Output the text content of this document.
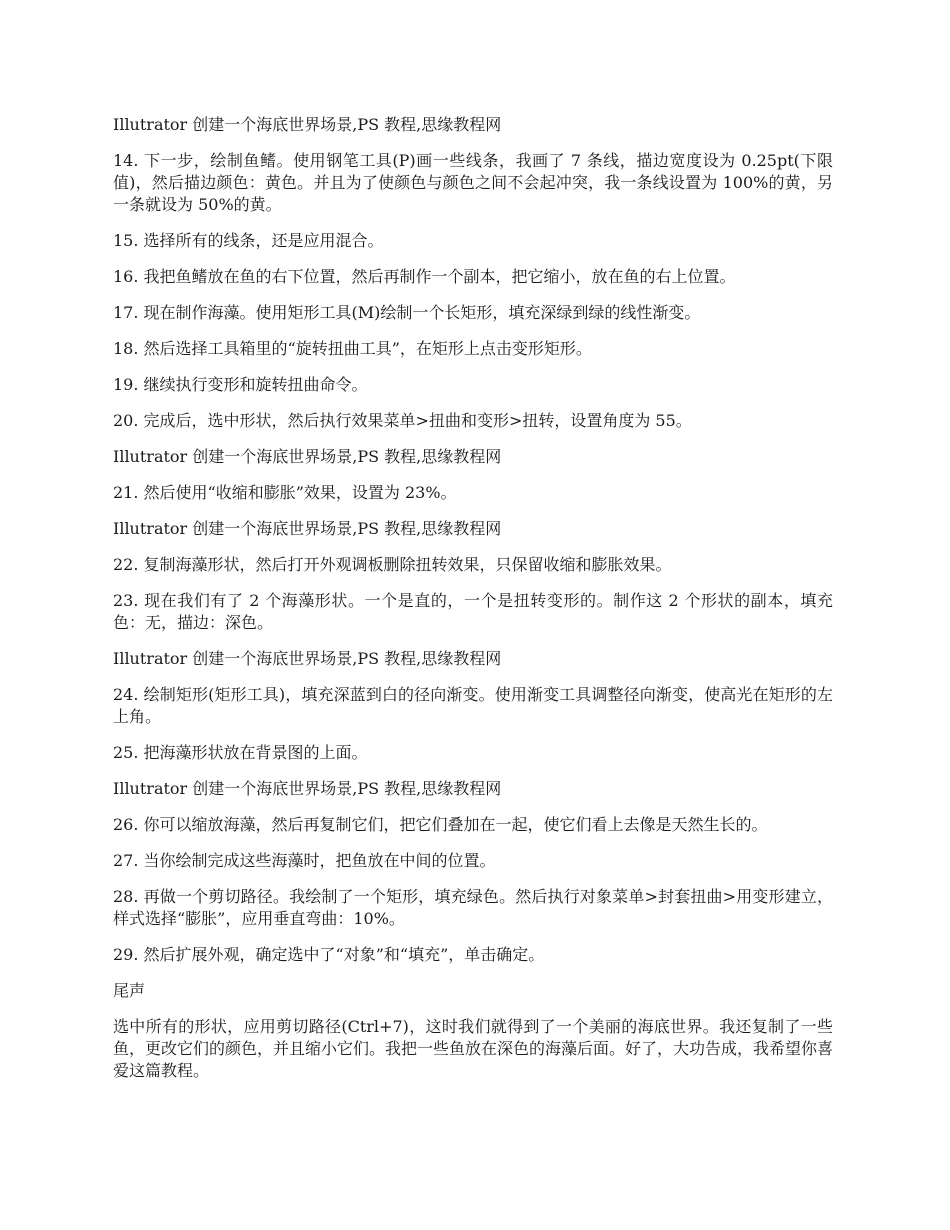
Illutrator 创建一个海底世界场景,PS 教程,思缘教程网

14. 下一步，绘制鱼鳍。使用钢笔工具(P)画一些线条，我画了 7 条线，描边宽度设为 0.25pt(下限值)，然后描边颜色：黄色。并且为了使颜色与颜色之间不会起冲突，我一条线设置为 100%的黄，另一条就设为 50%的黄。

15. 选择所有的线条，还是应用混合。

16. 我把鱼鳍放在鱼的右下位置，然后再制作一个副本，把它缩小，放在鱼的右上位置。

17. 现在制作海藻。使用矩形工具(M)绘制一个长矩形，填充深绿到绿的线性渐变。

18. 然后选择工具箱里的“旋转扭曲工具”，在矩形上点击变形矩形。

19. 继续执行变形和旋转扭曲命令。

20. 完成后，选中形状，然后执行效果菜单>扭曲和变形>扭转，设置角度为 55。

Illutrator 创建一个海底世界场景,PS 教程,思缘教程网

21. 然后使用“收缩和膨胀”效果，设置为 23%。

Illutrator 创建一个海底世界场景,PS 教程,思缘教程网

22. 复制海藻形状，然后打开外观调板删除扭转效果，只保留收缩和膨胀效果。

23. 现在我们有了 2 个海藻形状。一个是直的，一个是扭转变形的。制作这 2 个形状的副本，填充色：无，描边：深色。

Illutrator 创建一个海底世界场景,PS 教程,思缘教程网

24. 绘制矩形(矩形工具)，填充深蓝到白的径向渐变。使用渐变工具调整径向渐变，使高光在矩形的左上角。

25. 把海藻形状放在背景图的上面。

Illutrator 创建一个海底世界场景,PS 教程,思缘教程网

26. 你可以缩放海藻，然后再复制它们，把它们叠加在一起，使它们看上去像是天然生长的。

27. 当你绘制完成这些海藻时，把鱼放在中间的位置。

28. 再做一个剪切路径。我绘制了一个矩形，填充绿色。然后执行对象菜单>封套扭曲>用变形建立，样式选择“膨胀”，应用垂直弯曲：10%。

29. 然后扩展外观，确定选中了“对象”和“填充”，单击确定。

尾声

选中所有的形状，应用剪切路径(Ctrl+7)，这时我们就得到了一个美丽的海底世界。我还复制了一些鱼，更改它们的颜色，并且缩小它们。我把一些鱼放在深色的海藻后面。好了，大功告成，我希望你喜爱这篇教程。
